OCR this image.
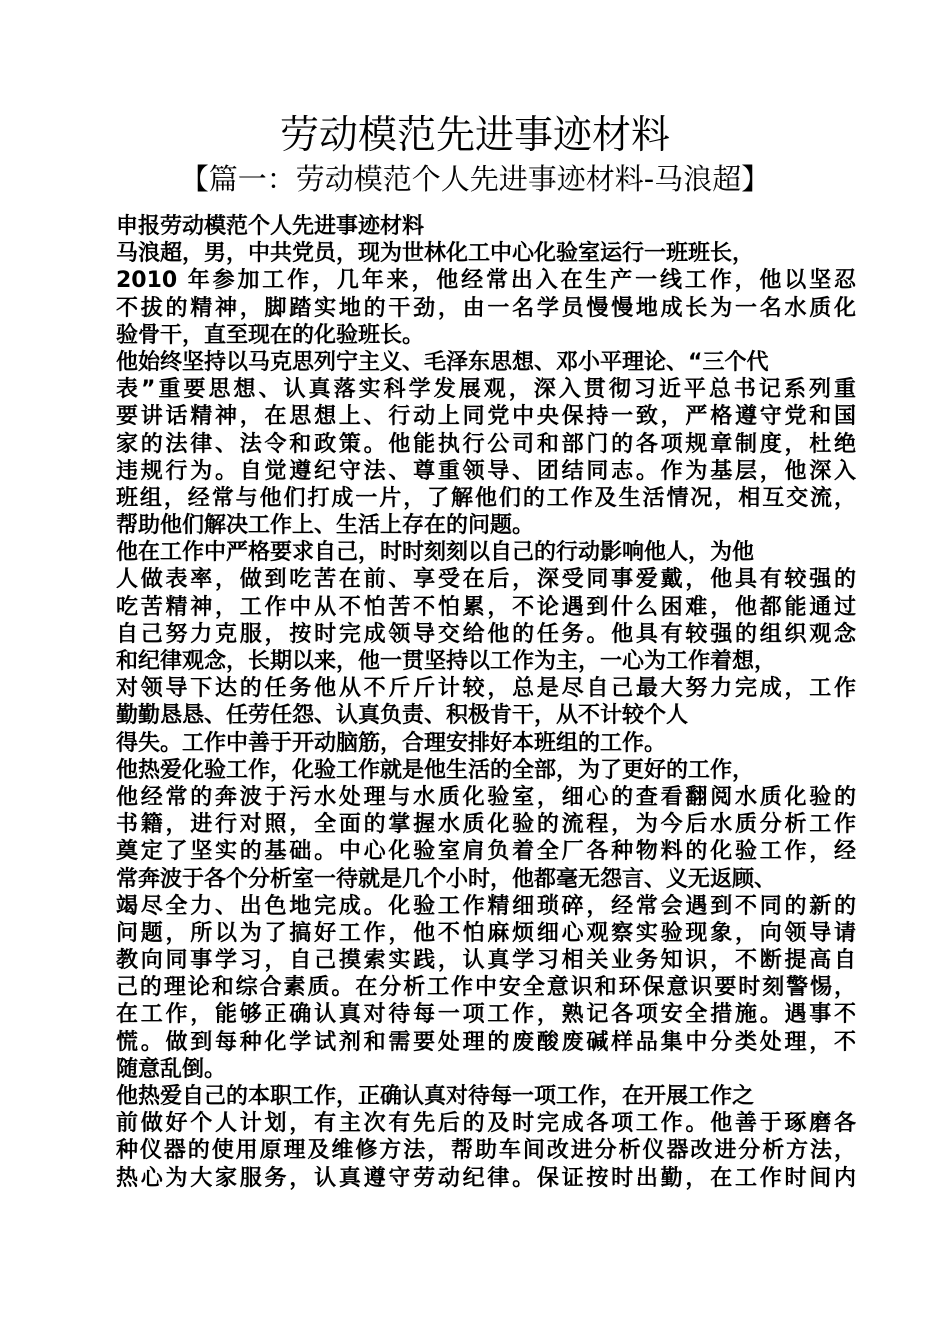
劳动模范先进事迹材料
【篇一：劳动模范个人先进事迹材料-马浪超】
申报劳动模范个人先进事迹材料
马浪超，男，中共党员，现为世林化工中心化验室运行一班班长，
2010 年参加工作，几年来，他经常出入在生产一线工作，他以坚忍
不拔的精神，脚踏实地的干劲，由一名学员慢慢地成长为一名水质化
验骨干，直至现在的化验班长。
他始终坚持以马克思列宁主义、毛泽东思想、邓小平理论、“三个代
表”重要思想、认真落实科学发展观，深入贯彻习近平总书记系列重
要讲话精神，在思想上、行动上同党中央保持一致，严格遵守党和国
家的法律、法令和政策。他能执行公司和部门的各项规章制度，杜绝
违规行为。自觉遵纪守法、尊重领导、团结同志。作为基层，他深入
班组，经常与他们打成一片，了解他们的工作及生活情况，相互交流，
帮助他们解决工作上、生活上存在的问题。
他在工作中严格要求自己，时时刻刻以自己的行动影响他人，为他
人做表率，做到吃苦在前、享受在后，深受同事爱戴，他具有较强的
吃苦精神，工作中从不怕苦不怕累，不论遇到什么困难，他都能通过
自己努力克服，按时完成领导交给他的任务。他具有较强的组织观念
和纪律观念，长期以来，他一贯坚持以工作为主，一心为工作着想，
对领导下达的任务他从不斤斤计较，总是尽自己最大努力完成，工作
勤勤恳恳、任劳任怨、认真负责、积极肯干，从不计较个人
得失。工作中善于开动脑筋，合理安排好本班组的工作。
他热爱化验工作，化验工作就是他生活的全部，为了更好的工作，
他经常的奔波于污水处理与水质化验室，细心的查看翻阅水质化验的
书籍，进行对照，全面的掌握水质化验的流程，为今后水质分析工作
奠定了坚实的基础。中心化验室肩负着全厂各种物料的化验工作，经
常奔波于各个分析室一待就是几个小时，他都毫无怨言、义无返顾、
竭尽全力、出色地完成。化验工作精细琐碎，经常会遇到不同的新的
问题，所以为了搞好工作，他不怕麻烦细心观察实验现象，向领导请
教向同事学习，自己摸索实践，认真学习相关业务知识，不断提高自
己的理论和综合素质。在分析工作中安全意识和环保意识要时刻警惕，
在工作，能够正确认真对待每一项工作，熟记各项安全措施。遇事不
慌。做到每种化学试剂和需要处理的废酸废碱样品集中分类处理，不
随意乱倒。
他热爱自己的本职工作，正确认真对待每一项工作，在开展工作之
前做好个人计划，有主次有先后的及时完成各项工作。他善于琢磨各
种仪器的使用原理及维修方法，帮助车间改进分析仪器改进分析方法，
热心为大家服务，认真遵守劳动纪律。保证按时出勤，在工作时间内
